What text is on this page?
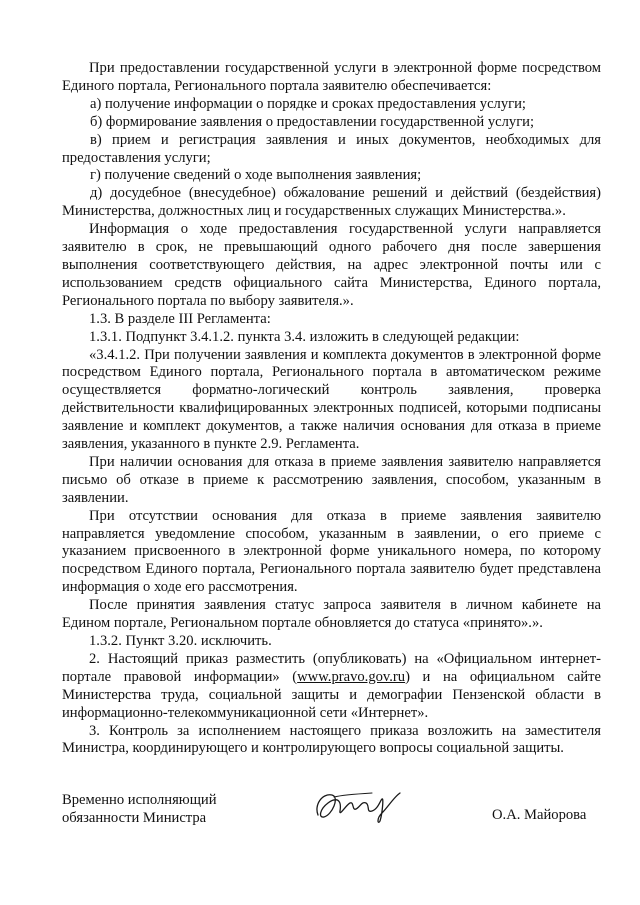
При предоставлении государственной услуги в электронной форме посредством Единого портала, Регионального портала заявителю обеспечивается:

а) получение информации о порядке и сроках предоставления услуги;

б) формирование заявления о предоставлении государственной услуги;

в) прием и регистрация заявления и иных документов, необходимых для предоставления услуги;

г) получение сведений о ходе выполнения заявления;

д) досудебное (внесудебное) обжалование решений и действий (бездействия) Министерства, должностных лиц и государственных служащих Министерства.».

Информация о ходе предоставления государственной услуги направляется заявителю в срок, не превышающий одного рабочего дня после завершения выполнения соответствующего действия, на адрес электронной почты или с использованием средств официального сайта Министерства, Единого портала, Регионального портала по выбору заявителя.».

1.3. В разделе III Регламента:

1.3.1. Подпункт 3.4.1.2. пункта 3.4. изложить в следующей редакции:

«3.4.1.2. При получении заявления и комплекта документов в электронной форме посредством Единого портала, Регионального портала в автоматическом режиме осуществляется форматно-логический контроль заявления, проверка действительности квалифицированных электронных подписей, которыми подписаны заявление и комплект документов, а также наличия основания для отказа в приеме заявления, указанного в пункте 2.9. Регламента.

При наличии основания для отказа в приеме заявления заявителю направляется письмо об отказе в приеме к рассмотрению заявления, способом, указанным в заявлении.

При отсутствии основания для отказа в приеме заявления заявителю направляется уведомление способом, указанным в заявлении, о его приеме с указанием присвоенного в электронной форме уникального номера, по которому посредством Единого портала, Регионального портала заявителю будет представлена информация о ходе его рассмотрения.

После принятия заявления статус запроса заявителя в личном кабинете на Едином портале, Региональном портале обновляется до статуса «принято».».

1.3.2. Пункт 3.20. исключить.

2. Настоящий приказ разместить (опубликовать) на «Официальном интернет-портале правовой информации» (www.pravo.gov.ru) и на официальном сайте Министерства труда, социальной защиты и демографии Пензенской области в информационно-телекоммуникационной сети «Интернет».

3. Контроль за исполнением настоящего приказа возложить на заместителя Министра, координирующего и контролирующего вопросы социальной защиты.

Временно исполняющий
обязанности Министра	О.А. Майорова
